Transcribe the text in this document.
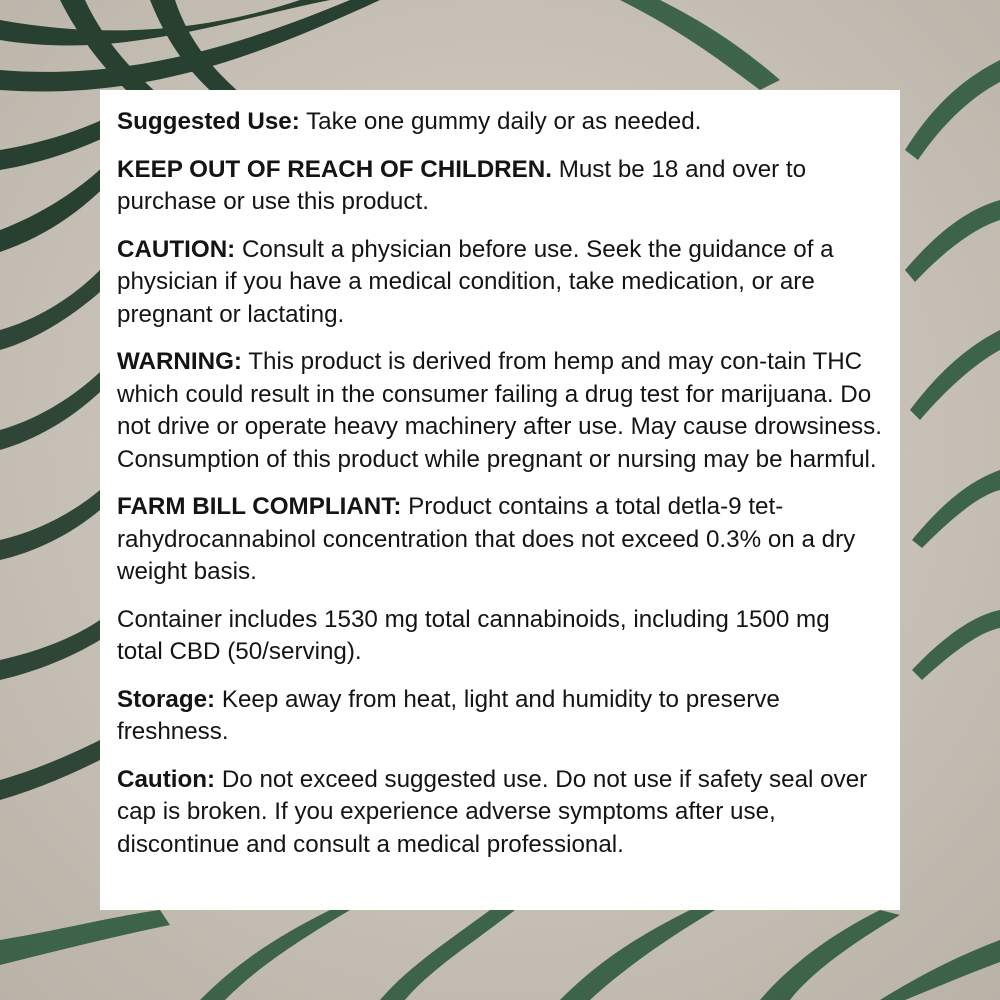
Suggested Use: Take one gummy daily or as needed.

KEEP OUT OF REACH OF CHILDREN. Must be 18 and over to purchase or use this product.

CAUTION: Consult a physician before use. Seek the guidance of a physician if you have a medical condition, take medication, or are pregnant or lactating.

WARNING: This product is derived from hemp and may con-tain THC which could result in the consumer failing a drug test for marijuana. Do not drive or operate heavy machinery after use. May cause drowsiness. Consumption of this product while pregnant or nursing may be harmful.

FARM BILL COMPLIANT: Product contains a total detla-9 tet-rahydrocannabinol concentration that does not exceed 0.3% on a dry weight basis.

Container includes 1530 mg total cannabinoids, including 1500 mg total CBD (50/serving).

Storage: Keep away from heat, light and humidity to preserve freshness.

Caution: Do not exceed suggested use. Do not use if safety seal over cap is broken. If you experience adverse symptoms after use, discontinue and consult a medical professional.
